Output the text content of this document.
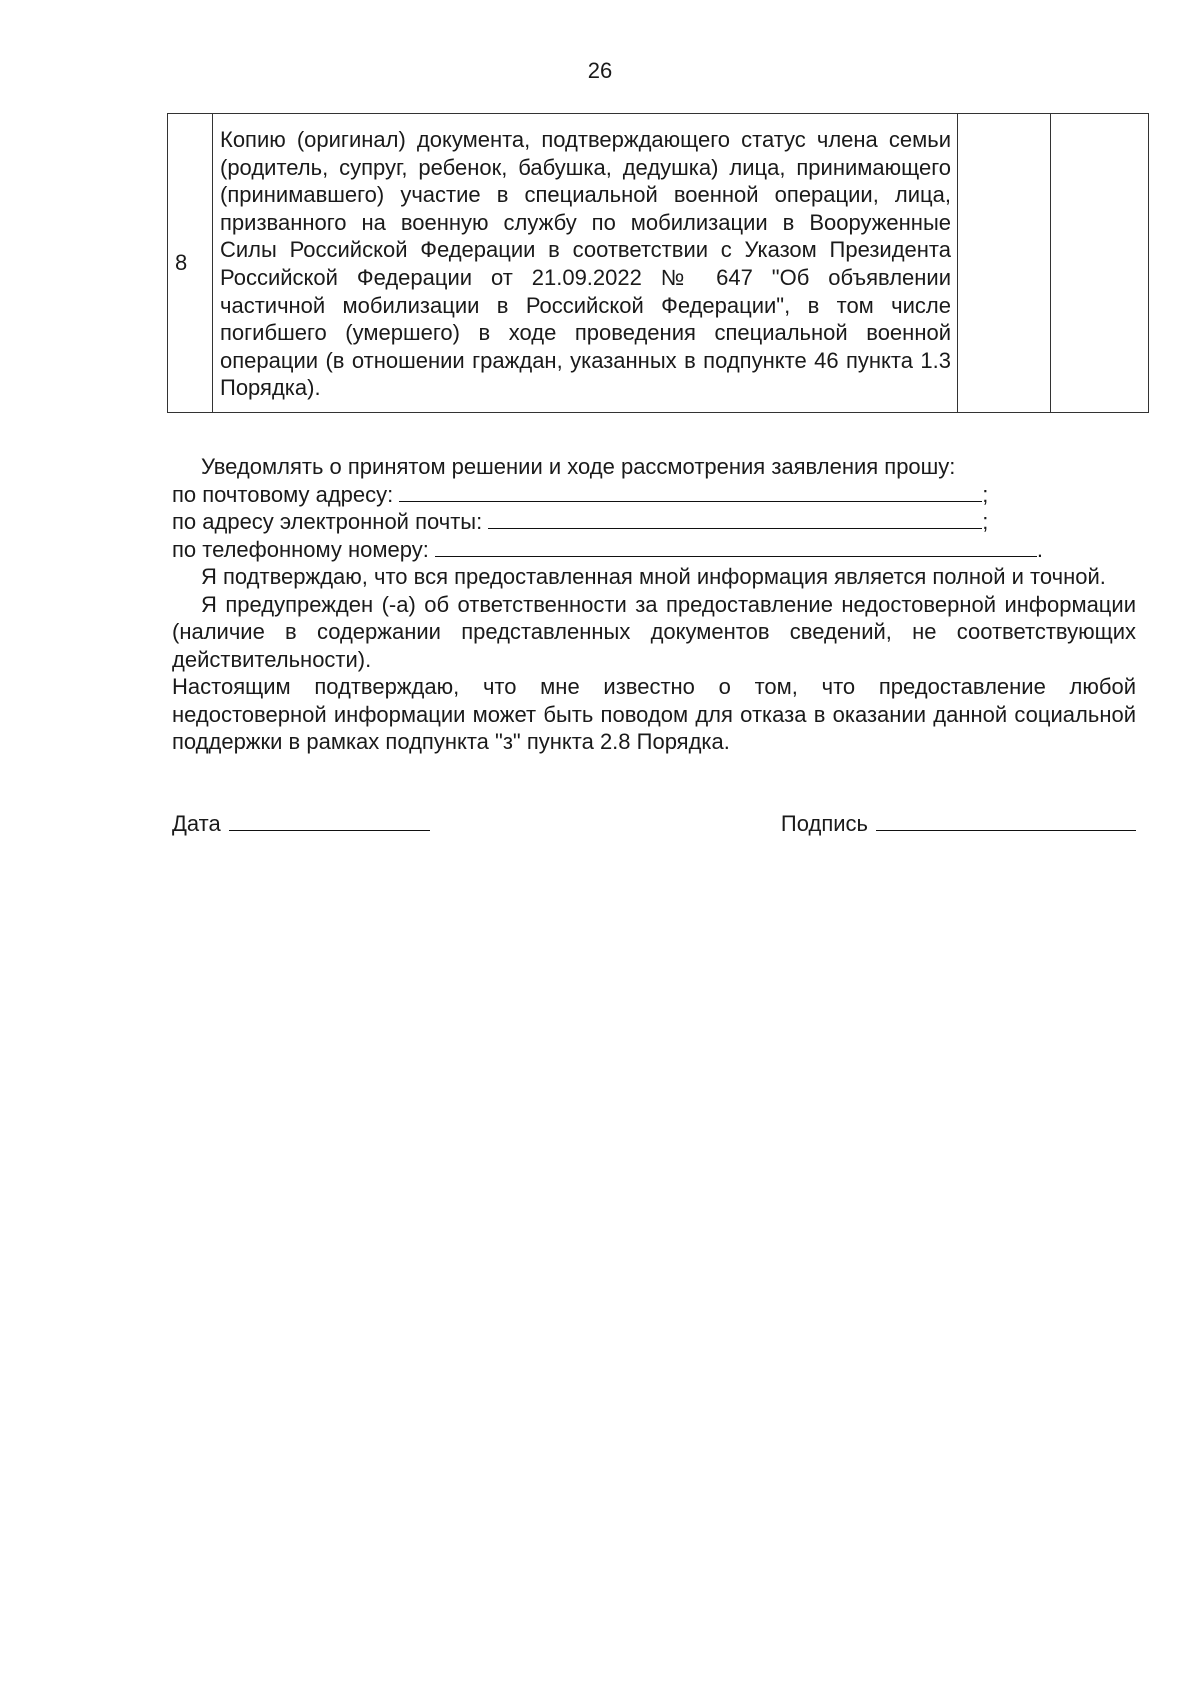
26
8	Копию (оригинал) документа, подтверждающего статус члена семьи (родитель, супруг, ребенок, бабушка, дедушка) лица, принимающего (принимавшего) участие в специальной военной операции, лица, призванного на военную службу по мобилизации в Вооруженные Силы Российской Федерации в соответствии с Указом Президента Российской Федерации от 21.09.2022 № 647 "Об объявлении частичной мобилизации в Российской Федерации", в том числе погибшего (умершего) в ходе проведения специальной военной операции (в отношении граждан, указанных в подпункте 46 пункта 1.3 Порядка).		

Уведомлять о принятом решении и ходе рассмотрения заявления прошу:

по почтовому адресу:	;
по адресу электронной почты:	;
по телефонному номеру:	.

Я подтверждаю, что вся предоставленная мной информация является полной и точной.

Я предупрежден (-а) об ответственности за предоставление недостоверной информации (наличие в содержании представленных документов сведений, не соответствующих действительности).

Настоящим подтверждаю, что мне известно о том, что предоставление любой недостоверной информации может быть поводом для отказа в оказании данной социальной поддержки в рамках подпункта "з" пункта 2.8 Порядка.

Дата	Подпись
